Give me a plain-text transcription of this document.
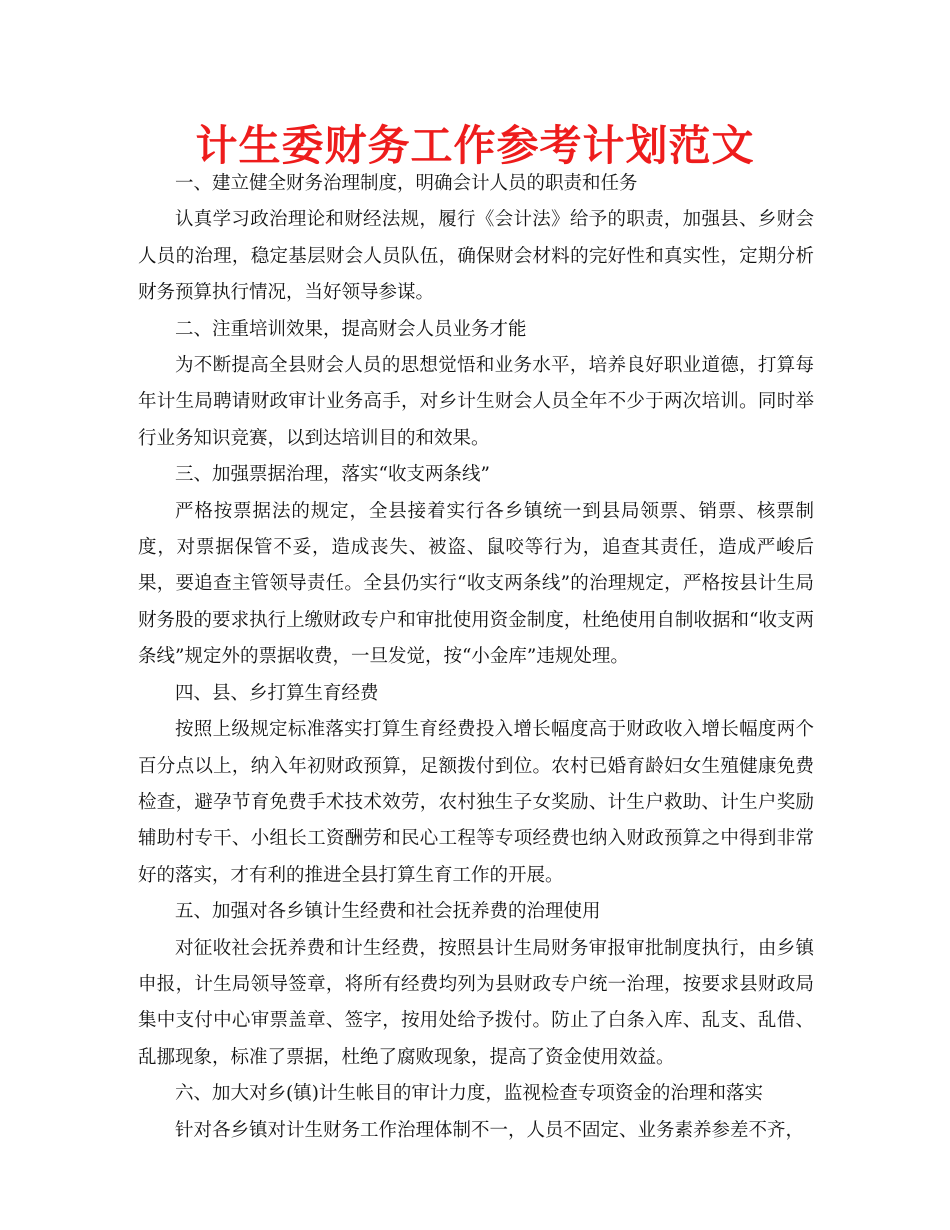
计生委财务工作参考计划范文

一、建立健全财务治理制度，明确会计人员的职责和任务

认真学习政治理论和财经法规，履行《会计法》给予的职责，加强县、乡财会人员的治理，稳定基层财会人员队伍，确保财会材料的完好性和真实性，定期分析财务预算执行情况，当好领导参谋。

二、注重培训效果，提高财会人员业务才能

为不断提高全县财会人员的思想觉悟和业务水平，培养良好职业道德，打算每年计生局聘请财政审计业务高手，对乡计生财会人员全年不少于两次培训。同时举行业务知识竞赛，以到达培训目的和效果。

三、加强票据治理，落实“收支两条线”

严格按票据法的规定，全县接着实行各乡镇统一到县局领票、销票、核票制度，对票据保管不妥，造成丧失、被盗、鼠咬等行为，追查其责任，造成严峻后果，要追查主管领导责任。全县仍实行“收支两条线”的治理规定，严格按县计生局财务股的要求执行上缴财政专户和审批使用资金制度，杜绝使用自制收据和“收支两条线”规定外的票据收费，一旦发觉，按“小金库”违规处理。

四、县、乡打算生育经费

按照上级规定标准落实打算生育经费投入增长幅度高于财政收入增长幅度两个百分点以上，纳入年初财政预算，足额拨付到位。农村已婚育龄妇女生殖健康免费检查，避孕节育免费手术技术效劳，农村独生子女奖励、计生户救助、计生户奖励辅助村专干、小组长工资酬劳和民心工程等专项经费也纳入财政预算之中得到非常好的落实，才有利的推进全县打算生育工作的开展。

五、加强对各乡镇计生经费和社会抚养费的治理使用

对征收社会抚养费和计生经费，按照县计生局财务审报审批制度执行，由乡镇申报，计生局领导签章，将所有经费均列为县财政专户统一治理，按要求县财政局集中支付中心审票盖章、签字，按用处给予拨付。防止了白条入库、乱支、乱借、乱挪现象，标准了票据，杜绝了腐败现象，提高了资金使用效益。

六、加大对乡(镇)计生帐目的审计力度，监视检查专项资金的治理和落实

针对各乡镇对计生财务工作治理体制不一，人员不固定、业务素养参差不齐，
